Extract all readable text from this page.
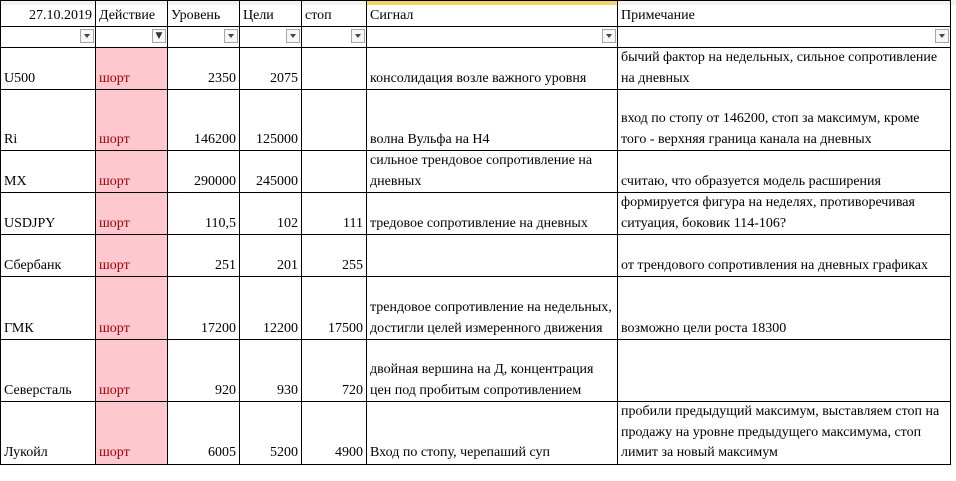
27.10.2019	Действие	Уровень	Цели	стоп	Сигнал	Примечание

	▼					

U500	шорт	2350	2075		консолидация возле важного уровня	бычий фактор на недельных, сильное сопротивление на дневных
Ri	шорт	146200	125000		волна Вульфа на Н4	вход по стопу от 146200, стоп за максимум, кроме того - верхняя граница канала на дневных
MX	шорт	290000	245000		сильное трендовое сопротивление на дневных	считаю, что образуется модель расширения
USDJPY	шорт	110,5	102	111	тредовое сопротивление на дневных	формируется фигура на неделях, противоречивая ситуация, боковик 114-106?
Сбербанк	шорт	251	201	255		от трендового сопротивления на дневных графиках
ГМК	шорт	17200	12200	17500	трендовое сопротивление на недельных, достигли целей измеренного движения	возможно цели роста 18300
Северсталь	шорт	920	930	720	двойная вершина на Д, концентрация цен под пробитым сопротивлением	
Лукойл	шорт	6005	5200	4900	Вход по стопу, черепаший суп	пробили предыдущий максимум, выставляем стоп на продажу на уровне предыдущего максимума, стоп лимит за новый максимум
